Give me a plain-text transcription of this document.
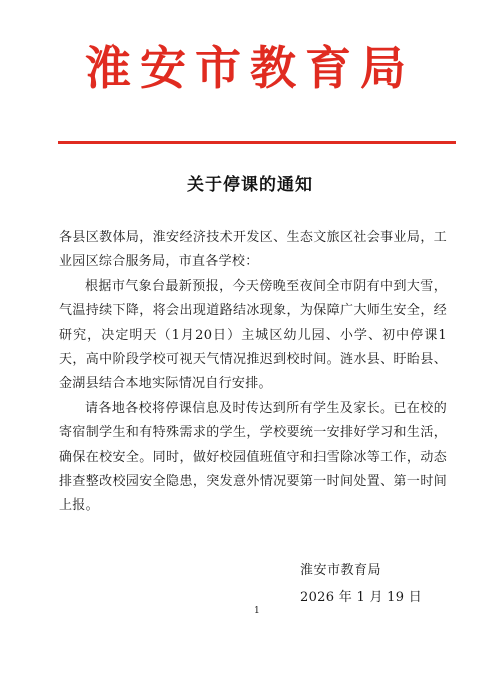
淮安市教育局
关于停课的通知

各县区教体局，淮安经济技术开发区、生态文旅区社会事业局，工业园区综合服务局，市直各学校：

根据市气象台最新预报，今天傍晚至夜间全市阴有中到大雪，气温持续下降，将会出现道路结冰现象，为保障广大师生安全，经研究，决定明天（1月20日）主城区幼儿园、小学、初中停课1天，高中阶段学校可视天气情况推迟到校时间。涟水县、盱眙县、金湖县结合本地实际情况自行安排。

请各地各校将停课信息及时传达到所有学生及家长。已在校的寄宿制学生和有特殊需求的学生，学校要统一安排好学习和生活，确保在校安全。同时，做好校园值班值守和扫雪除冰等工作，动态排查整改校园安全隐患，突发意外情况要第一时间处置、第一时间上报。

淮安市教育局
2026 年 1 月 19 日
1
